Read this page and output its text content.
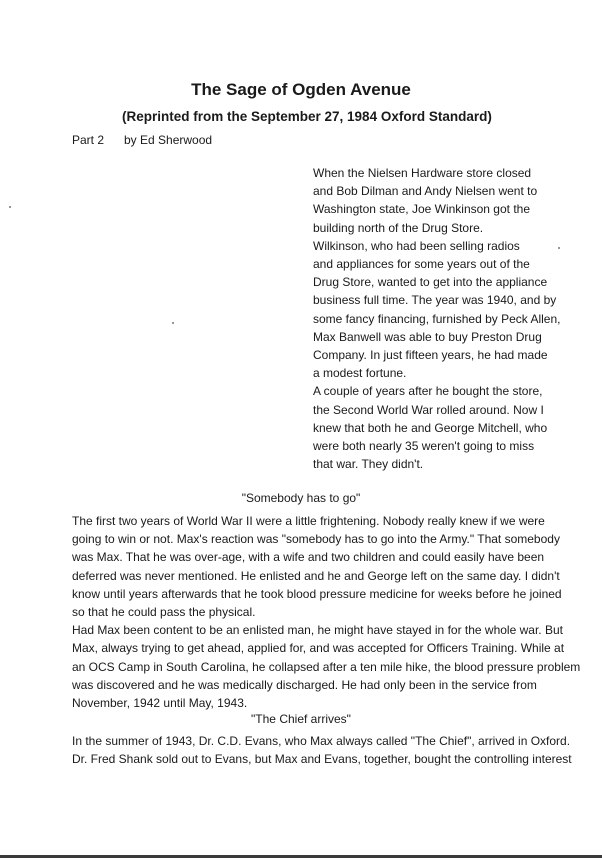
The Sage of Ogden Avenue
(Reprinted from the September 27, 1984 Oxford Standard)
Part 2 by Ed Sherwood
When the Nielsen Hardware store closed
and Bob Dilman and Andy Nielsen went to
Washington state, Joe Winkinson got the
building north of the Drug Store.
Wilkinson, who had been selling radios
and appliances for some years out of the
Drug Store, wanted to get into the appliance
business full time. The year was 1940, and by
some fancy financing, furnished by Peck Allen,
Max Banwell was able to buy Preston Drug
Company. In just fifteen years, he had made
a modest fortune.
A couple of years after he bought the store,
the Second World War rolled around. Now I
knew that both he and George Mitchell, who
were both nearly 35 weren't going to miss
that war. They didn't.
"Somebody has to go"
The first two years of World War II were a little frightening. Nobody really knew if we were
going to win or not. Max's reaction was "somebody has to go into the Army." That somebody
was Max. That he was over-age, with a wife and two children and could easily have been
deferred was never mentioned. He enlisted and he and George left on the same day. I didn't
know until years afterwards that he took blood pressure medicine for weeks before he joined
so that he could pass the physical.
Had Max been content to be an enlisted man, he might have stayed in for the whole war. But
Max, always trying to get ahead, applied for, and was accepted for Officers Training. While at
an OCS Camp in South Carolina, he collapsed after a ten mile hike, the blood pressure problem
was discovered and he was medically discharged. He had only been in the service from
November, 1942 until May, 1943.
"The Chief arrives"
In the summer of 1943, Dr. C.D. Evans, who Max always called "The Chief", arrived in Oxford.
Dr. Fred Shank sold out to Evans, but Max and Evans, together, bought the controlling interest
